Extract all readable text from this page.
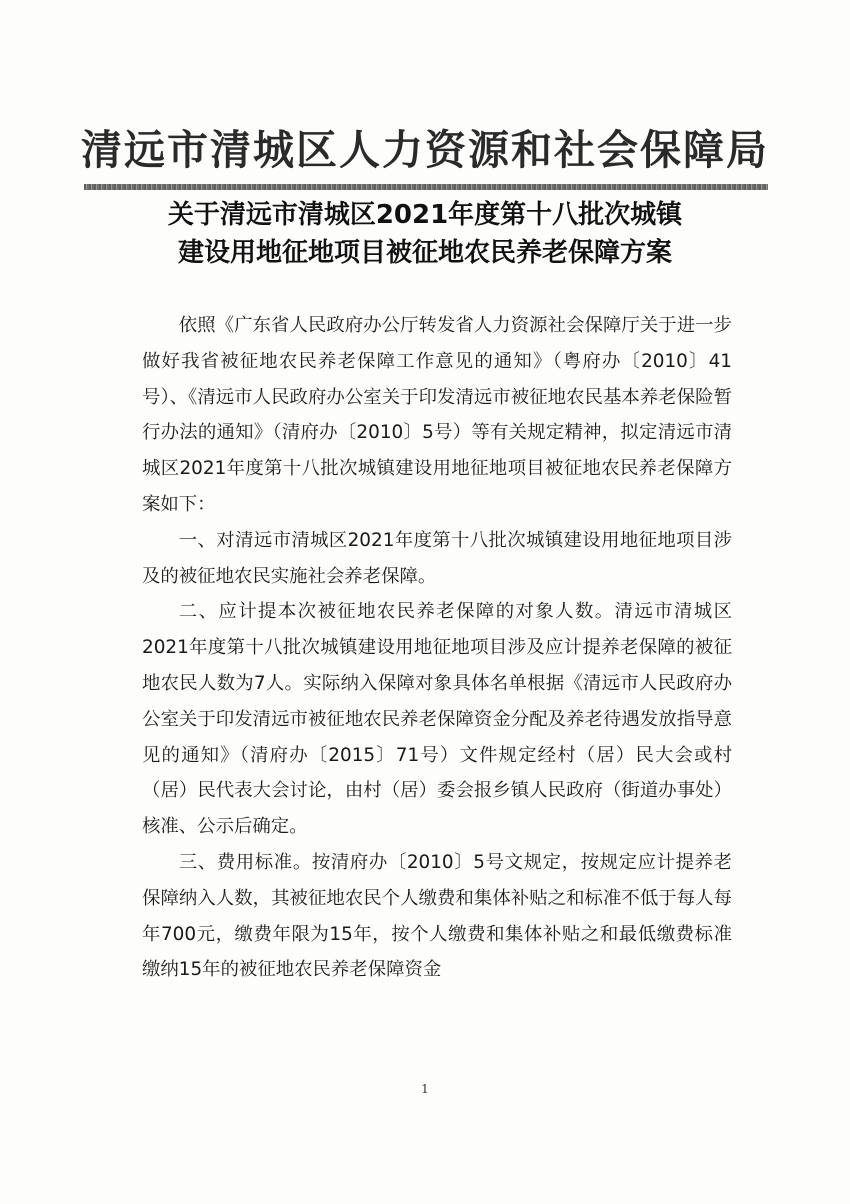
清远市清城区人力资源和社会保障局
关于清远市清城区2021年度第十八批次城镇
建设用地征地项目被征地农民养老保障方案

依照《广东省人民政府办公厅转发省人力资源社会保障厅关于进一步做好我省被征地农民养老保障工作意见的通知》（粤府办〔2010〕41号）、《清远市人民政府办公室关于印发清远市被征地农民基本养老保险暂行办法的通知》（清府办〔2010〕5号）等有关规定精神，拟定清远市清城区2021年度第十八批次城镇建设用地征地项目被征地农民养老保障方案如下：

一、对清远市清城区2021年度第十八批次城镇建设用地征地项目涉及的被征地农民实施社会养老保障。

二、应计提本次被征地农民养老保障的对象人数。清远市清城区2021年度第十八批次城镇建设用地征地项目涉及应计提养老保障的被征地农民人数为7人。实际纳入保障对象具体名单根据《清远市人民政府办公室关于印发清远市被征地农民养老保障资金分配及养老待遇发放指导意见的通知》（清府办〔2015〕71号）文件规定经村（居）民大会或村（居）民代表大会讨论，由村（居）委会报乡镇人民政府（街道办事处）核准、公示后确定。

三、费用标准。按清府办〔2010〕5号文规定，按规定应计提养老保障纳入人数，其被征地农民个人缴费和集体补贴之和标准不低于每人每年700元，缴费年限为15年，按个人缴费和集体补贴之和最低缴费标准缴纳15年的被征地农民养老保障资金

1
